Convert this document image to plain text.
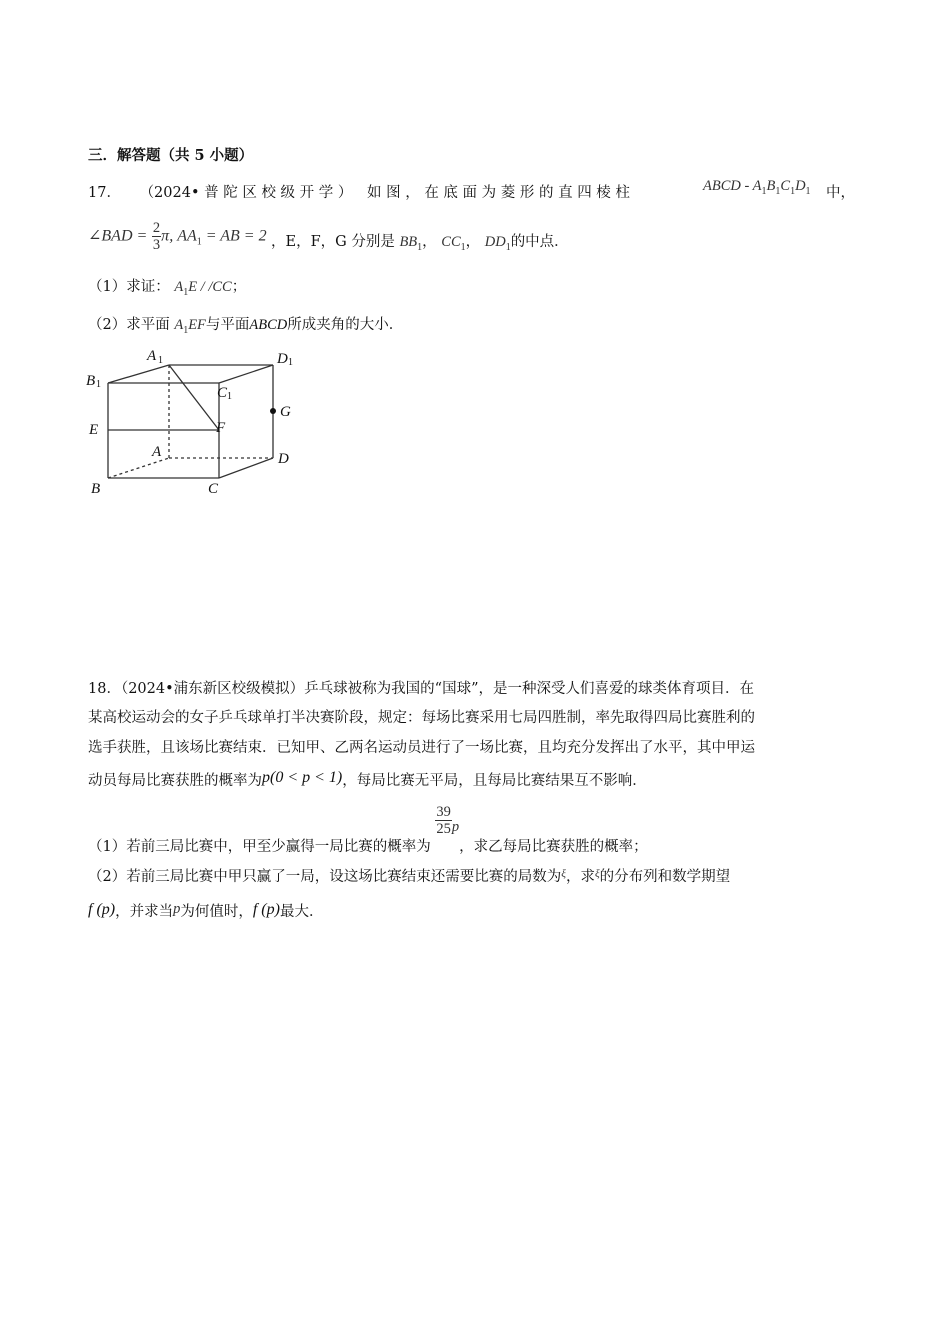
三．解答题（共 5 小题）
17． （2024• 普 陀 区 校 级 开 学 ） 如 图 ， 在 底 面 为 菱 形 的 直 四 棱 柱	ABCD - $A_1B_1C_1D_1$ 中，
∠BAD = $\frac{2}{3} \pi$, $AA_1$ = AB = 2 ，E，F，G 分别是 $BB_1$， $CC_1$， $DD_1$的中点．
（1）求证： $A_1E / /CC$；
（2）求平面 $A_1EF$与平面ABCD所成夹角的大小．
A 1
B 1
D 1
C 1
G
E	F
A	D
B	C
18．（2024•浦东新区校级模拟）乒乓球被称为我国的“国球”，是一种深受人们喜爱的球类体育项目．在
某高校运动会的女子乒乓球单打半决赛阶段，规定：每场比赛采用七局四胜制，率先取得四局比赛胜利的
选手获胜，且该场比赛结束．已知甲、乙两名运动员进行了一场比赛，且均充分发挥出了水平，其中甲运
动员每局比赛获胜的概率为p(0 < p < 1)，每局比赛无平局，且每局比赛结果互不影响．
（1）若前三局比赛中，甲至少赢得一局比赛的概率为
$\frac{39}{25}$ p，求乙每局比赛获胜的概率；
（2）若前三局比赛中甲只赢了一局，设这场比赛结束还需要比赛的局数为$^\xi$，求$^\xi$的分布列和数学期望
f (p)，并求当p为何值时，f (p)最大．
